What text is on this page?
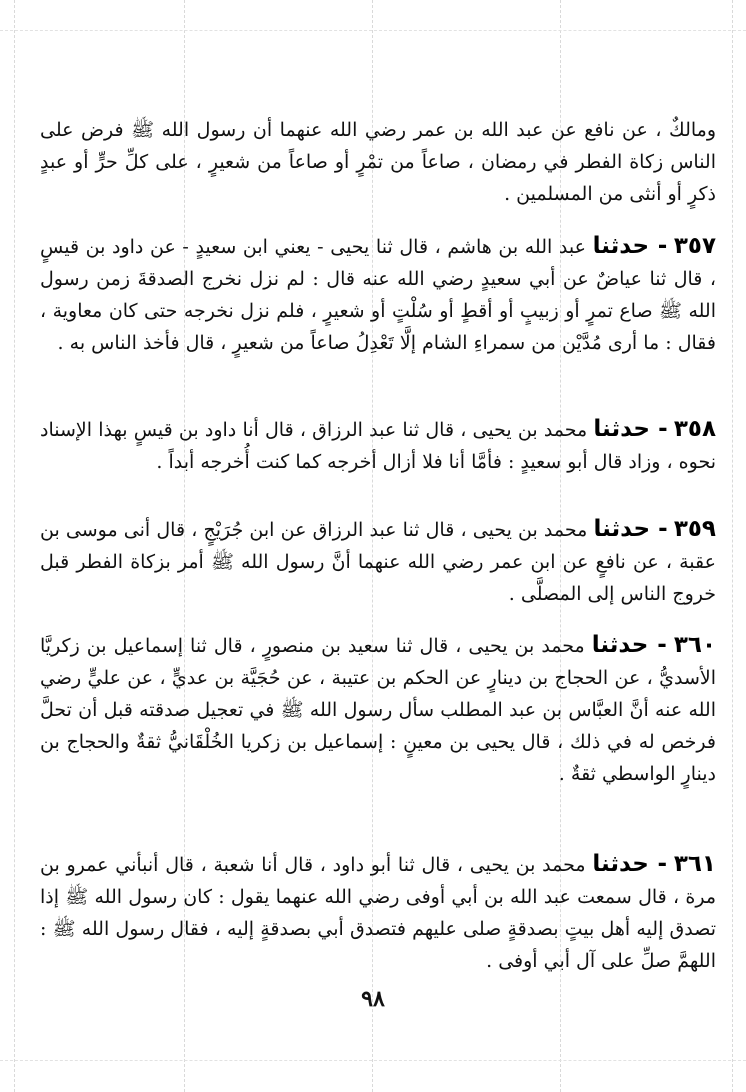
ومالكٌ ، عن نافع عن عبد الله بن عمر رضي الله عنهما أن رسول الله ﷺ فرض على الناس زكاة الفطر في رمضان ، صاعاً من تمْرٍ أو صاعاً من شعيرٍ ، على كلِّ حرٍّ أو عبدٍ ذكرٍ أو أنثى من المسلمين .

٣٥٧ - حدثنا عبد الله بن هاشم ، قال ثنا يحيى - يعني ابن سعيدٍ - عن داود بن قيسٍ ، قال ثنا عياضٌ عن أبي سعيدٍ رضي الله عنه قال : لم نزل نخرج الصدقةَ زمن رسول الله ﷺ صاع تمرٍ أو زبيبٍ أو أقطٍ أو سُلْتٍ أو شعيرٍ ، فلم نزل نخرجه حتى كان معاوية ، فقال : ما أرى مُدَّيْن من سمراءِ الشام إلَّا تَعْدِلُ صاعاً من شعيرٍ ، قال فأخذ الناس به .

٣٥٨ - حدثنا محمد بن يحيى ، قال ثنا عبد الرزاق ، قال أنا داود بن قيسٍ بهذا الإسناد نحوه ، وزاد قال أبو سعيدٍ : فأمَّا أنا فلا أزال أخرجه كما كنت أُخرجه أبداً .

٣٥٩ - حدثنا محمد بن يحيى ، قال ثنا عبد الرزاق عن ابن جُرَيْجٍ ، قال أنى موسى بن عقبة ، عن نافعٍ عن ابن عمر رضي الله عنهما أنَّ رسول الله ﷺ أمر بزكاة الفطر قبل خروج الناس إلى المصلَّى .

٣٦٠ - حدثنا محمد بن يحيى ، قال ثنا سعيد بن منصورٍ ، قال ثنا إسماعيل بن زكريَّا الأسديُّ ، عن الحجاج بن دينارٍ عن الحكم بن عتيبة ، عن حُجَيَّة بن عديٍّ ، عن عليٍّ رضي الله عنه أنَّ العبَّاس بن عبد المطلب سأل رسول الله ﷺ في تعجيل صدقته قبل أن تحلَّ فرخص له في ذلك ، قال يحيى بن معينٍ : إسماعيل بن زكريا الخُلْقَانيُّ ثقةٌ والحجاج بن دينارٍ الواسطي ثقةٌ .

٣٦١ - حدثنا محمد بن يحيى ، قال ثنا أبو داود ، قال أنا شعبة ، قال أنبأني عمرو بن مرة ، قال سمعت عبد الله بن أبي أوفى رضي الله عنهما يقول : كان رسول الله ﷺ إذا تصدق إليه أهل بيتٍ بصدقةٍ صلى عليهم فتصدق أبي بصدقةٍ إليه ، فقال رسول الله ﷺ : اللهمَّ صلِّ على آل أبي أوفى .

٩٨
